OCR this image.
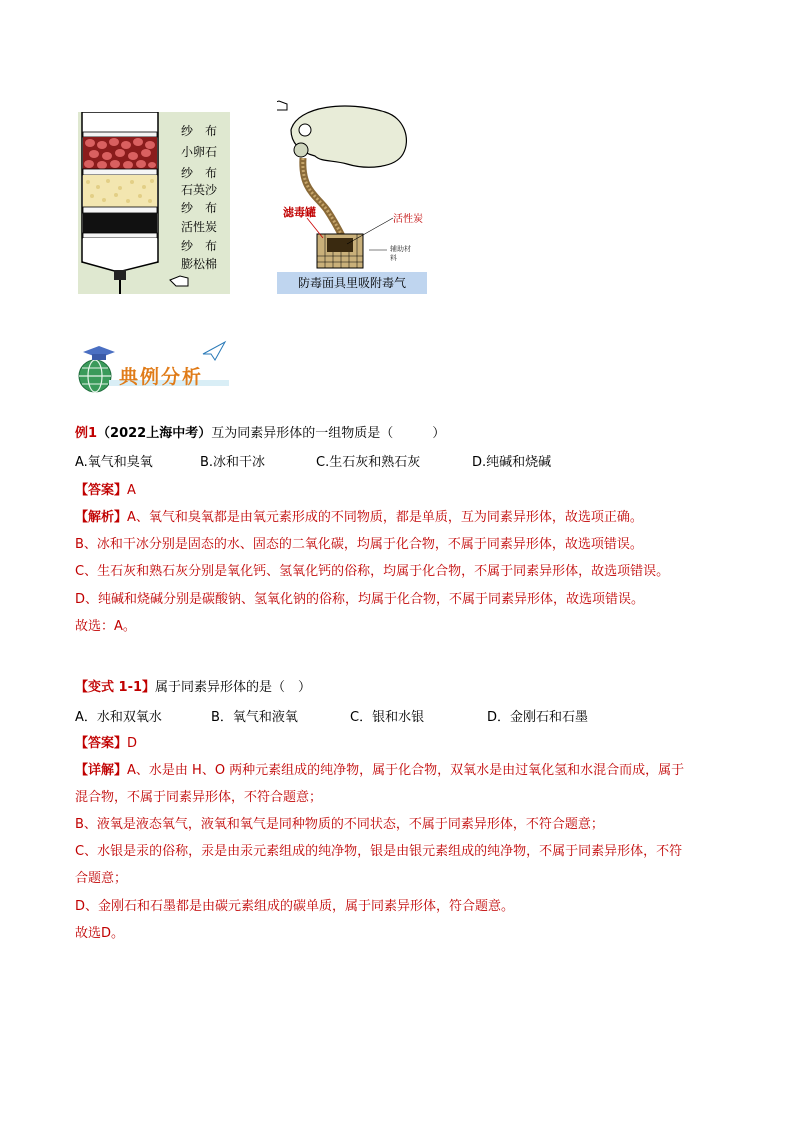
纱　布
小卵石
纱　布
石英沙
纱　布
活性炭
纱　布
膨松棉
滤毒罐
活性炭
辅助材料
防毒面具里吸附毒气
典例分析
例1（2022上海中考）互为同素异形体的一组物质是（　　　）
A.氧气和臭氧	B.冰和干冰	C.生石灰和熟石灰	D.纯碱和烧碱
【答案】A
【解析】A、氧气和臭氧都是由氧元素形成的不同物质，都是单质，互为同素异形体，故选项正确。
B、冰和干冰分别是固态的水、固态的二氧化碳，均属于化合物，不属于同素异形体，故选项错误。
C、生石灰和熟石灰分别是氧化钙、氢氧化钙的俗称，均属于化合物，不属于同素异形体，故选项错误。
D、纯碱和烧碱分别是碳酸钠、氢氧化钠的俗称，均属于化合物，不属于同素异形体，故选项错误。
故选：A。
【变式 1-1】属于同素异形体的是（　）
A．水和双氧水	B．氧气和液氧	C．银和水银	D．金刚石和石墨
【答案】D
【详解】A、水是由 H、O 两种元素组成的纯净物，属于化合物，双氧水是由过氧化氢和水混合而成，属于
混合物，不属于同素异形体，不符合题意；
B、液氧是液态氧气，液氧和氧气是同种物质的不同状态，不属于同素异形体，不符合题意；
C、水银是汞的俗称，汞是由汞元素组成的纯净物，银是由银元素组成的纯净物，不属于同素异形体，不符
合题意；
D、金刚石和石墨都是由碳元素组成的碳单质，属于同素异形体，符合题意。
故选D。
